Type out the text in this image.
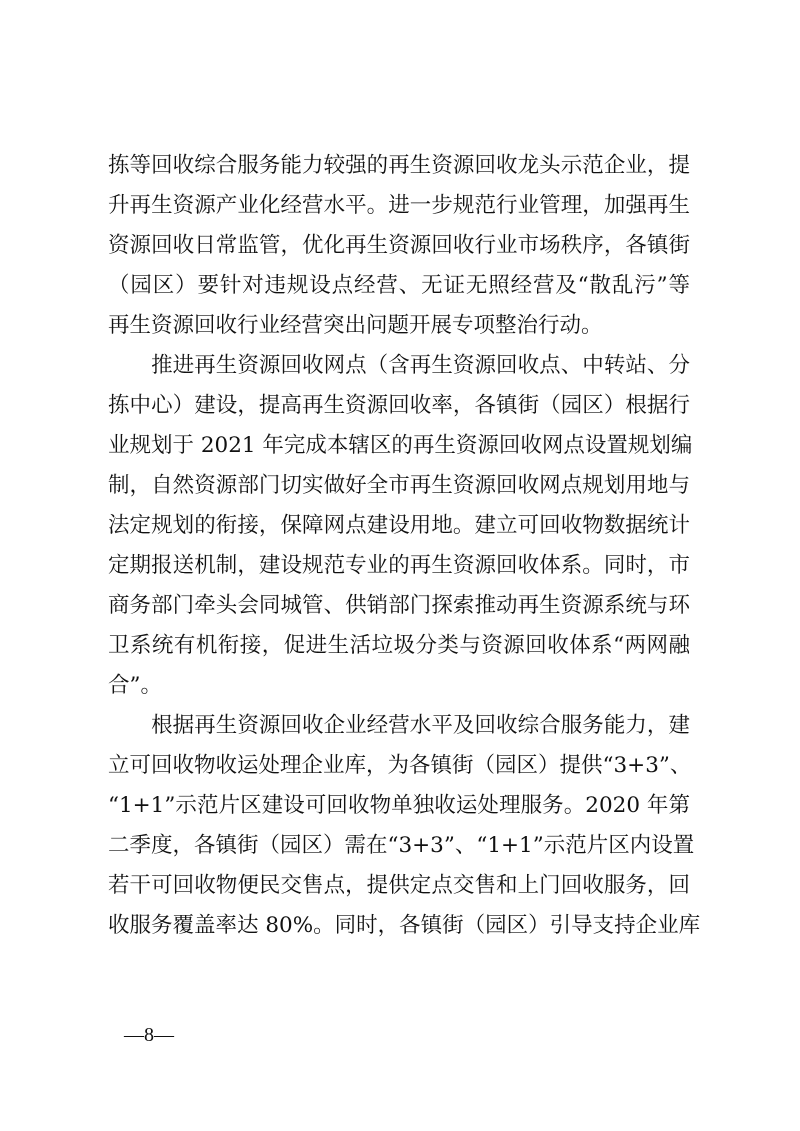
拣等回收综合服务能力较强的再生资源回收龙头示范企业，提
升再生资源产业化经营水平。进一步规范行业管理，加强再生
资源回收日常监管，优化再生资源回收行业市场秩序，各镇街
（园区）要针对违规设点经营、无证无照经营及“散乱污”等
再生资源回收行业经营突出问题开展专项整治行动。
　　推进再生资源回收网点（含再生资源回收点、中转站、分
拣中心）建设，提高再生资源回收率，各镇街（园区）根据行
业规划于 2021 年完成本辖区的再生资源回收网点设置规划编
制，自然资源部门切实做好全市再生资源回收网点规划用地与
法定规划的衔接，保障网点建设用地。建立可回收物数据统计
定期报送机制，建设规范专业的再生资源回收体系。同时，市
商务部门牵头会同城管、供销部门探索推动再生资源系统与环
卫系统有机衔接，促进生活垃圾分类与资源回收体系“两网融
合”。
　　根据再生资源回收企业经营水平及回收综合服务能力，建
立可回收物收运处理企业库，为各镇街（园区）提供“3+3”、
“1+1”示范片区建设可回收物单独收运处理服务。2020 年第
二季度，各镇街（园区）需在“3+3”、“1+1”示范片区内设置
若干可回收物便民交售点，提供定点交售和上门回收服务，回
收服务覆盖率达 80%。同时，各镇街（园区）引导支持企业库
—8—
